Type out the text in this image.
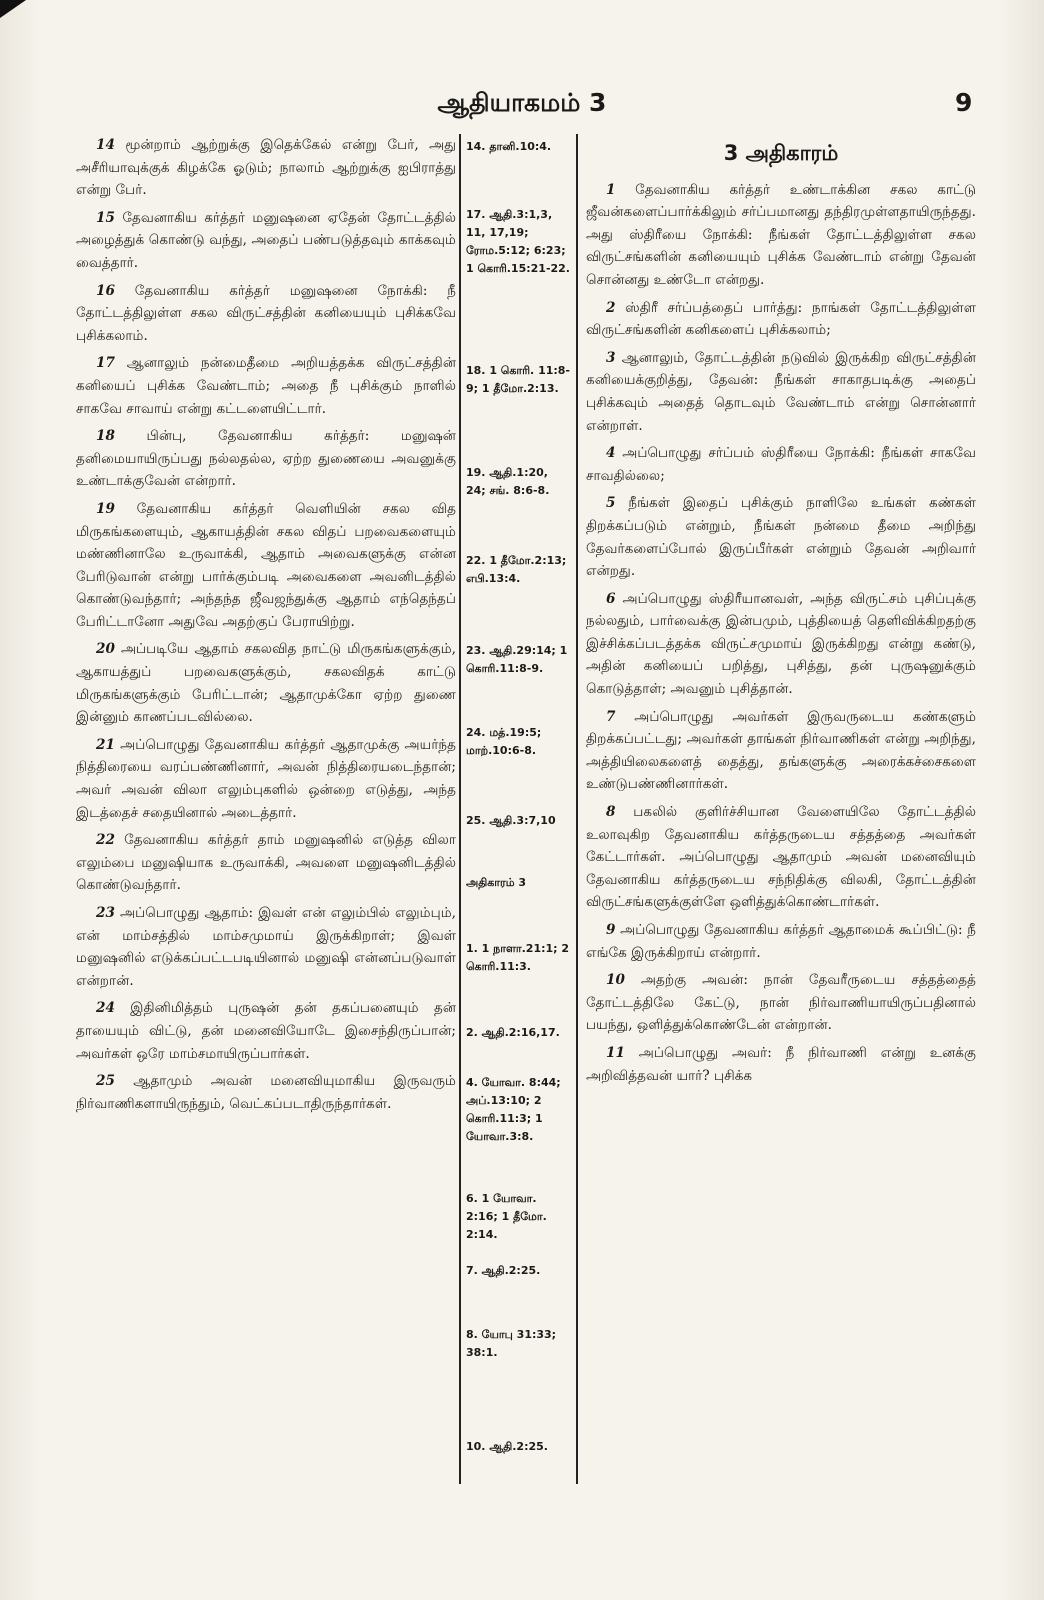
ஆதியாகமம் 3	9

14 மூன்றாம் ஆற்றுக்கு இதெக்கேல் என்று பேர், அது அசீரியாவுக்குக் கிழக்கே ஓடும்; நாலாம் ஆற்றுக்கு ஐபிராத்து என்று பேர்.

15 தேவனாகிய கர்த்தர் மனுஷனை ஏதேன் தோட்டத்தில் அழைத்துக் கொண்டு வந்து, அதைப் பண்படுத்தவும் காக்கவும் வைத்தார்.

16 தேவனாகிய கர்த்தர் மனுஷனை நோக்கி: நீ தோட்டத்திலுள்ள சகல விருட்சத்தின் கனியையும் புசிக்கவே புசிக்கலாம்.

17 ஆனாலும் நன்மைதீமை அறியத்தக்க விருட்சத்தின் கனியைப் புசிக்க வேண்டாம்; அதை நீ புசிக்கும் நாளில் சாகவே சாவாய் என்று கட்டளையிட்டார்.

18 பின்பு, தேவனாகிய கர்த்தர்: மனுஷன் தனிமையாயிருப்பது நல்லதல்ல, ஏற்ற துணையை அவனுக்கு உண்டாக்குவேன் என்றார்.

19 தேவனாகிய கர்த்தர் வெளியின் சகல வித மிருகங்களையும், ஆகாயத்தின் சகல விதப் பறவைகளையும் மண்ணினாலே உருவாக்கி, ஆதாம் அவைகளுக்கு என்ன பேரிடுவான் என்று பார்க்கும்படி அவைகளை அவனிடத்தில் கொண்டுவந்தார்; அந்தந்த ஜீவஜந்துக்கு ஆதாம் எந்தெந்தப் பேரிட்டானோ அதுவே அதற்குப் பேராயிற்று.

20 அப்படியே ஆதாம் சகலவித நாட்டு மிருகங்களுக்கும், ஆகாயத்துப் பறவைகளுக்கும், சகலவிதக் காட்டு மிருகங்களுக்கும் பேரிட்டான்; ஆதாமுக்கோ ஏற்ற துணை இன்னும் காணப்படவில்லை.

21 அப்பொழுது தேவனாகிய கர்த்தர் ஆதாமுக்கு அயர்ந்த நித்திரையை வரப்பண்ணினார், அவன் நித்திரையடைந்தான்; அவர் அவன் விலா எலும்புகளில் ஒன்றை எடுத்து, அந்த இடத்தைச் சதையினால் அடைத்தார்.

22 தேவனாகிய கர்த்தர் தாம் மனுஷனில் எடுத்த விலா எலும்பை மனுஷியாக உருவாக்கி, அவளை மனுஷனிடத்தில் கொண்டுவந்தார்.

23 அப்பொழுது ஆதாம்: இவள் என் எலும்பில் எலும்பும், என் மாம்சத்தில் மாம்சமுமாய் இருக்கிறாள்; இவள் மனுஷனில் எடுக்கப்பட்டபடியினால் மனுஷி என்னப்படுவாள் என்றான்.

24 இதினிமித்தம் புருஷன் தன் தகப்பனையும் தன் தாயையும் விட்டு, தன் மனைவியோடே இசைந்திருப்பான்; அவர்கள் ஒரே மாம்சமாயிருப்பார்கள்.

25 ஆதாமும் அவன் மனைவியுமாகிய இருவரும் நிர்வாணிகளாயிருந்தும், வெட்கப்படாதிருந்தார்கள்.

14. தானி.10:4.
17. ஆதி.3:1,3, 11, 17,19; ரோம.5:12; 6:23; 1 கொரி.15:21-22.
18. 1 கொரி. 11:8-9; 1 தீமோ.2:13.
19. ஆதி.1:20, 24; சங். 8:6-8.
22. 1 தீமோ.2:13; எபி.13:4.
23. ஆதி.29:14; 1 கொரி.11:8-9.
24. மத்.19:5; மாற்.10:6-8.
25. ஆதி.3:7,10
அதிகாரம் 3
1. 1 நாளா.21:1; 2 கொரி.11:3.
2. ஆதி.2:16,17.
4. யோவா. 8:44; அப்.13:10; 2 கொரி.11:3; 1 யோவா.3:8.
6. 1 யோவா. 2:16; 1 தீமோ. 2:14.
7. ஆதி.2:25.
8. யோபு 31:33; 38:1.
10. ஆதி.2:25.
3 அதிகாரம்

1 தேவனாகிய கர்த்தர் உண்டாக்கின சகல காட்டு ஜீவன்களைப்பார்க்கிலும் சர்ப்பமானது தந்திரமுள்ளதாயிருந்தது. அது ஸ்திரீயை நோக்கி: நீங்கள் தோட்டத்திலுள்ள சகல விருட்சங்களின் கனியையும் புசிக்க வேண்டாம் என்று தேவன் சொன்னது உண்டோ என்றது.

2 ஸ்திரீ சர்ப்பத்தைப் பார்த்து: நாங்கள் தோட்டத்திலுள்ள விருட்சங்களின் கனிகளைப் புசிக்கலாம்;

3 ஆனாலும், தோட்டத்தின் நடுவில் இருக்கிற விருட்சத்தின் கனியைக்குறித்து, தேவன்: நீங்கள் சாகாதபடிக்கு அதைப் புசிக்கவும் அதைத் தொடவும் வேண்டாம் என்று சொன்னார் என்றாள்.

4 அப்பொழுது சர்ப்பம் ஸ்திரீயை நோக்கி: நீங்கள் சாகவே சாவதில்லை;

5 நீங்கள் இதைப் புசிக்கும் நாளிலே உங்கள் கண்கள் திறக்கப்படும் என்றும், நீங்கள் நன்மை தீமை அறிந்து தேவர்களைப்போல் இருப்பீர்கள் என்றும் தேவன் அறிவார் என்றது.

6 அப்பொழுது ஸ்திரீயானவள், அந்த விருட்சம் புசிப்புக்கு நல்லதும், பார்வைக்கு இன்பமும், புத்தியைத் தெளிவிக்கிறதற்கு இச்சிக்கப்படத்தக்க விருட்சமுமாய் இருக்கிறது என்று கண்டு, அதின் கனியைப் பறித்து, புசித்து, தன் புருஷனுக்கும் கொடுத்தாள்; அவனும் புசித்தான்.

7 அப்பொழுது அவர்கள் இருவருடைய கண்களும் திறக்கப்பட்டது; அவர்கள் தாங்கள் நிர்வாணிகள் என்று அறிந்து, அத்தியிலைகளைத் தைத்து, தங்களுக்கு அரைக்கச்சைகளை உண்டுபண்ணினார்கள்.

8 பகலில் குளிர்ச்சியான வேளையிலே தோட்டத்தில் உலாவுகிற தேவனாகிய கர்த்தருடைய சத்தத்தை அவர்கள் கேட்டார்கள். அப்பொழுது ஆதாமும் அவன் மனைவியும் தேவனாகிய கர்த்தருடைய சந்நிதிக்கு விலகி, தோட்டத்தின் விருட்சங்களுக்குள்ளே ஒளித்துக்கொண்டார்கள்.

9 அப்பொழுது தேவனாகிய கர்த்தர் ஆதாமைக் கூப்பிட்டு: நீ எங்கே இருக்கிறாய் என்றார்.

10 அதற்கு அவன்: நான் தேவரீருடைய சத்தத்தைத் தோட்டத்திலே கேட்டு, நான் நிர்வாணியாயிருப்பதினால் பயந்து, ஒளித்துக்கொண்டேன் என்றான்.

11 அப்பொழுது அவர்: நீ நிர்வாணி என்று உனக்கு அறிவித்தவன் யார்? புசிக்க
